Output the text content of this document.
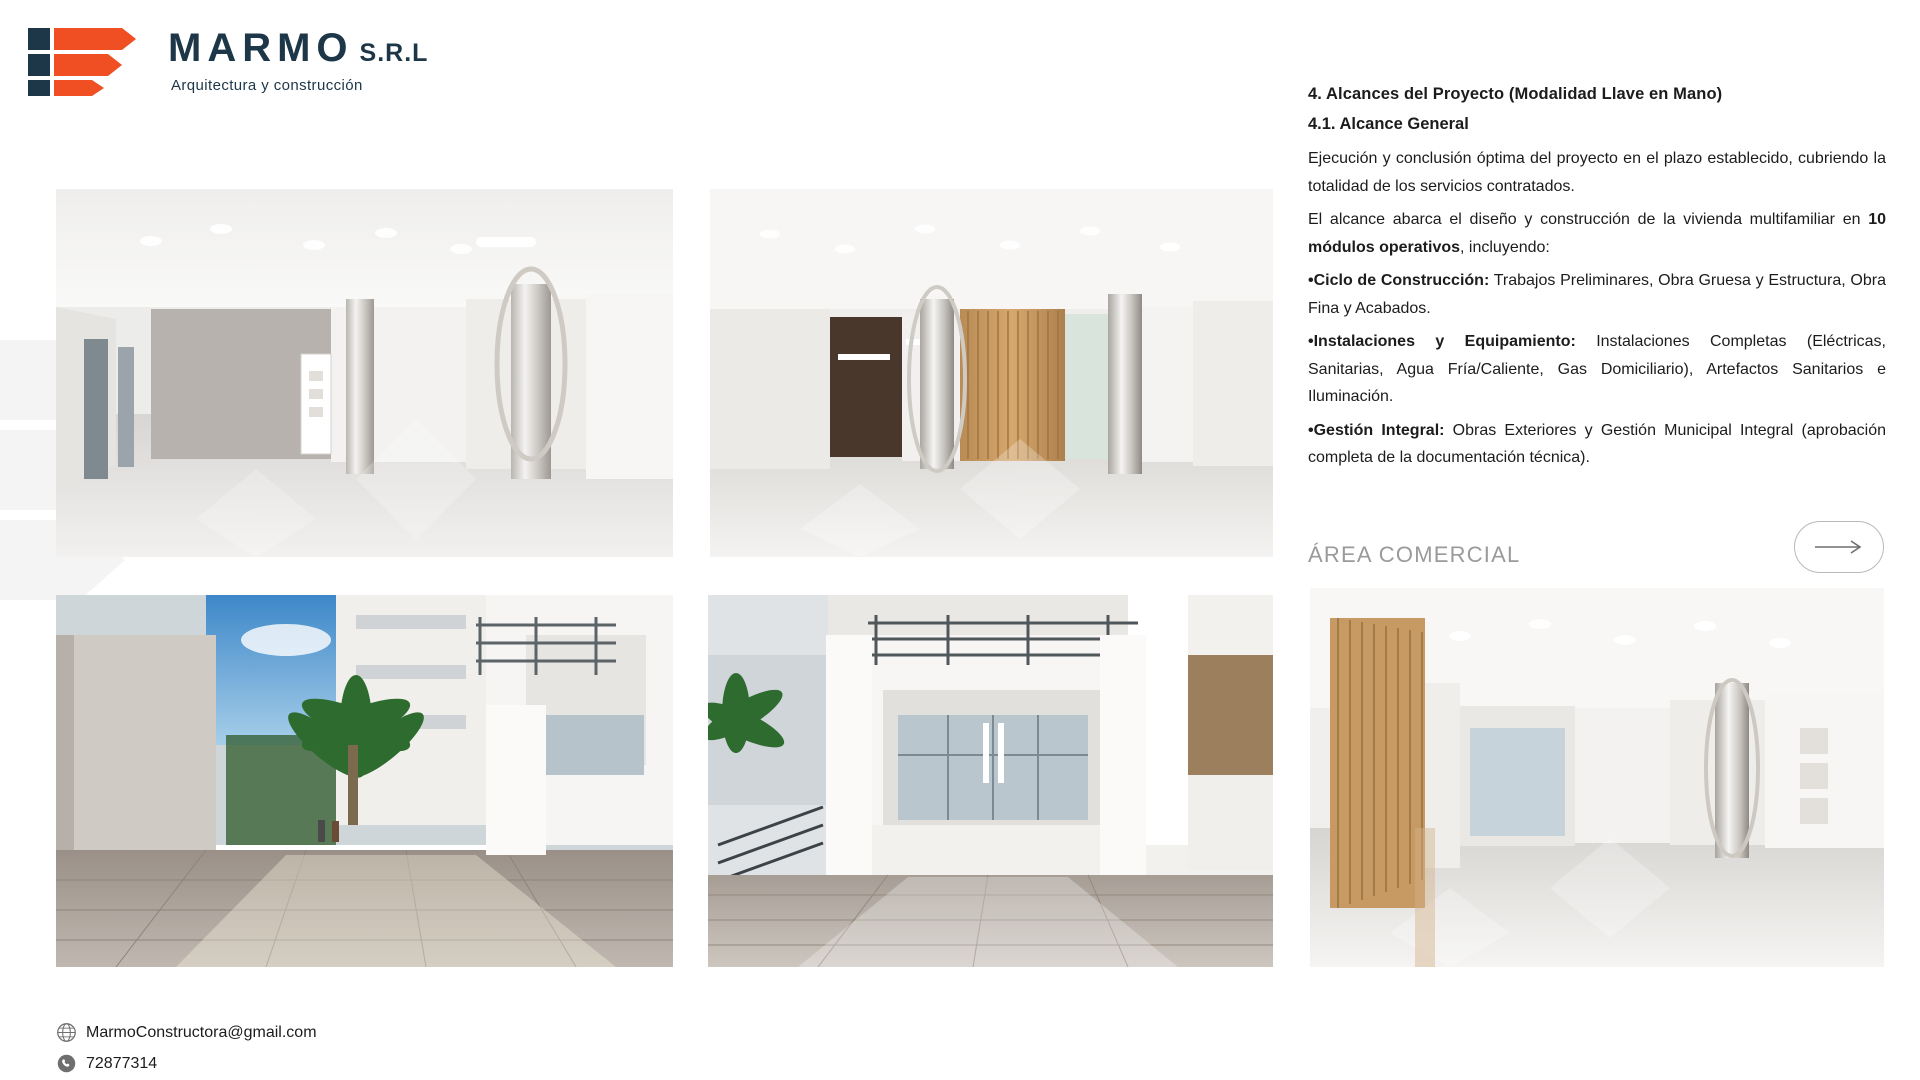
MARMO S.R.L
Arquitectura y construcción	4. Alcances del Proyecto (Modalidad Llave en Mano)
4.1. Alcance General

Ejecución y conclusión óptima del proyecto en el plazo establecido, cubriendo la totalidad de los servicios contratados.

El alcance abarca el diseño y construcción de la vivienda multifamiliar en 10 módulos operativos, incluyendo:

•Ciclo de Construcción: Trabajos Preliminares, Obra Gruesa y Estructura, Obra Fina y Acabados.

•Instalaciones y Equipamiento: Instalaciones Completas (Eléctricas, Sanitarias, Agua Fría/Caliente, Gas Domiciliario), Artefactos Sanitarios e Iluminación.

•Gestión Integral: Obras Exteriores y Gestión Municipal Integral (aprobación completa de la documentación técnica).

ÁREA COMERCIAL
MarmoConstructora@gmail.com
72877314
